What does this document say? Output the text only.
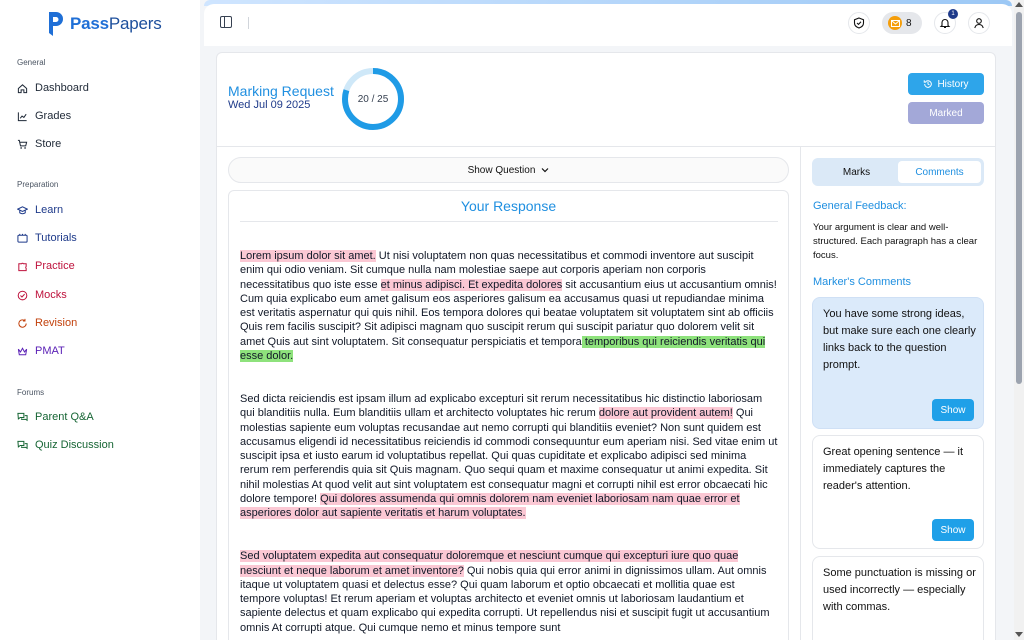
PassPapers
General
Dashboard
Grades
Store
Preparation
Learn
Tutorials
Practice
Mocks
Revision
PMAT
Forums
Parent Q&A
Quiz Discussion
8
1
Marking Request
Wed Jul 09 2025	20 / 25
History
Marked
Show Question
Your Response

Lorem ipsum dolor sit amet. Ut nisi voluptatem non quas necessitatibus et commodi inventore aut suscipit enim qui odio veniam. Sit cumque nulla nam molestiae saepe aut corporis aperiam non corporis necessitatibus quo iste esse et minus adipisci. Et expedita dolores sit accusantium eius ut accusantium omnis! Cum quia explicabo eum amet galisum eos asperiores galisum ea accusamus quasi ut repudiandae minima est veritatis aspernatur qui quis nihil. Eos tempora dolores qui beatae voluptatem sit voluptatem sint ab officiis Quis rem facilis suscipit? Sit adipisci magnam quo suscipit rerum qui suscipit pariatur quo dolorem velit sit amet Quis aut sint voluptatem. Sit consequatur perspiciatis et tempora temporibus qui reiciendis veritatis qui esse dolor.

Sed dicta reiciendis est ipsam illum ad explicabo excepturi sit rerum necessitatibus hic distinctio laboriosam qui blanditiis nulla. Eum blanditiis ullam et architecto voluptates hic rerum dolore aut provident autem! Qui molestias sapiente eum voluptas recusandae aut nemo corrupti qui blanditiis eveniet? Non sunt quidem est accusamus eligendi id necessitatibus reiciendis id commodi consequuntur eum aperiam nisi. Sed vitae enim ut suscipit ipsa et iusto earum id voluptatibus repellat. Qui quas cupiditate et explicabo adipisci sed minima rerum rem perferendis quia sit Quis magnam. Quo sequi quam et maxime consequatur ut animi expedita. Sit nihil molestias At quod velit aut sint voluptatem est consequatur magni et corrupti nihil est error obcaecati hic dolore tempore! Qui dolores assumenda qui omnis dolorem nam eveniet laboriosam nam quae error et asperiores dolor aut sapiente veritatis et harum voluptates.

Sed voluptatem expedita aut consequatur doloremque et nesciunt cumque qui excepturi iure quo quae nesciunt et neque laborum et amet inventore? Qui nobis quia qui error animi in dignissimos ullam. Aut omnis itaque ut voluptatem quasi et delectus esse? Qui quam laborum et optio obcaecati et mollitia quae est tempore voluptas! Et rerum aperiam et voluptas architecto et eveniet omnis ut laboriosam laudantium et sapiente delectus et quam explicabo qui expedita corrupti. Ut repellendus nisi et suscipit fugit ut accusantium omnis At corrupti atque. Qui cumque nemo et minus tempore sunt

Marks	Comments
General Feedback:
Your argument is clear and well-structured. Each paragraph has a clear focus.
Marker's Comments
You have some strong ideas, but make sure each one clearly links back to the question prompt.
Show
Great opening sentence — it immediately captures the reader's attention.
Show
Some punctuation is missing or used incorrectly — especially with commas.
